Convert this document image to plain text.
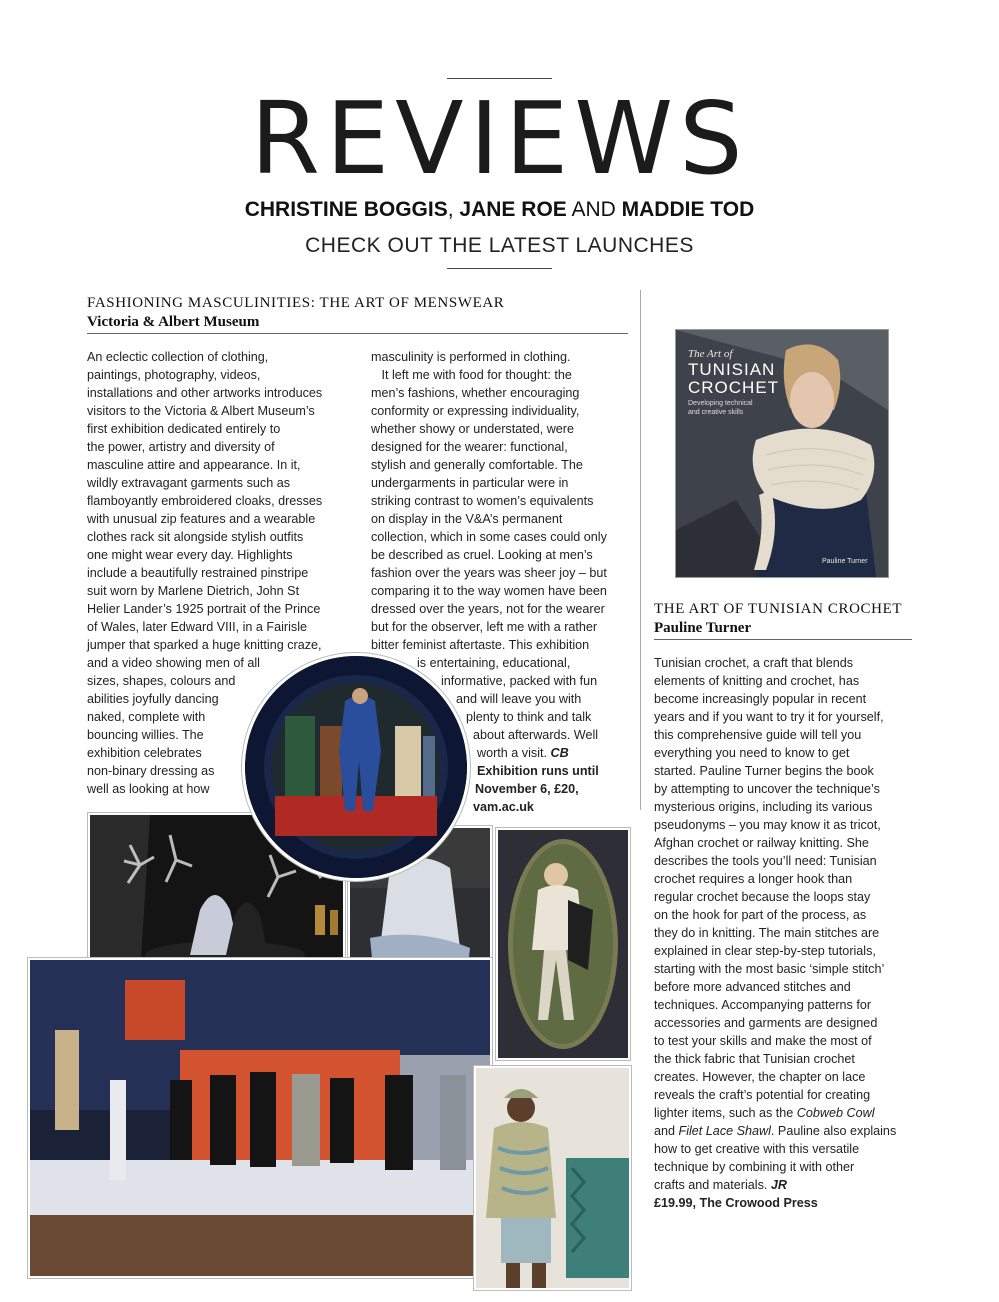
REVIEWS
CHRISTINE BOGGIS, JANE ROE AND MADDIE TOD
CHECK OUT THE LATEST LAUNCHES
FASHIONING MASCULINITIES: THE ART OF MENSWEAR
Victoria & Albert Museum

An eclectic collection of clothing,

paintings, photography, videos,

installations and other artworks introduces

visitors to the Victoria & Albert Museum’s

first exhibition dedicated entirely to

the power, artistry and diversity of

masculine attire and appearance. In it,

wildly extravagant garments such as

flamboyantly embroidered cloaks, dresses

with unusual zip features and a wearable

clothes rack sit alongside stylish outfits

one might wear every day. Highlights

include a beautifully restrained pinstripe

suit worn by Marlene Dietrich, John St

Helier Lander’s 1925 portrait of the Prince

of Wales, later Edward VIII, in a Fairisle

jumper that sparked a huge knitting craze,

and a video showing men of all

sizes, shapes, colours and

abilities joyfully dancing

naked, complete with

bouncing willies. The

exhibition celebrates

non-binary dressing as

well as looking at how

masculinity is performed in clothing.

It left me with food for thought: the

men’s fashions, whether encouraging

conformity or expressing individuality,

whether showy or understated, were

designed for the wearer: functional,

stylish and generally comfortable. The

undergarments in particular were in

striking contrast to women’s equivalents

on display in the V&A’s permanent

collection, which in some cases could only

be described as cruel. Looking at men’s

fashion over the years was sheer joy – but

comparing it to the way women have been

dressed over the years, not for the wearer

but for the observer, left me with a rather

bitter feminist aftertaste. This exhibition

is entertaining, educational,

informative, packed with fun

and will leave you with

plenty to think and talk

about afterwards. Well

worth a visit. CB

Exhibition runs until

November 6, £20,

vam.ac.uk

The Art of
TUNISIAN
CROCHET
Developing technical
and creative skills
Pauline Turner
THE ART OF TUNISIAN CROCHET
Pauline Turner

Tunisian crochet, a craft that blends

elements of knitting and crochet, has

become increasingly popular in recent

years and if you want to try it for yourself,

this comprehensive guide will tell you

everything you need to know to get

started. Pauline Turner begins the book

by attempting to uncover the technique’s

mysterious origins, including its various

pseudonyms – you may know it as tricot,

Afghan crochet or railway knitting. She

describes the tools you’ll need: Tunisian

crochet requires a longer hook than

regular crochet because the loops stay

on the hook for part of the process, as

they do in knitting. The main stitches are

explained in clear step-by-step tutorials,

starting with the most basic ‘simple stitch’

before more advanced stitches and

techniques. Accompanying patterns for

accessories and garments are designed

to test your skills and make the most of

the thick fabric that Tunisian crochet

creates. However, the chapter on lace

reveals the craft’s potential for creating

lighter items, such as the Cobweb Cowl

and Filet Lace Shawl. Pauline also explains

how to get creative with this versatile

technique by combining it with other

crafts and materials. JR

£19.99, The Crowood Press
